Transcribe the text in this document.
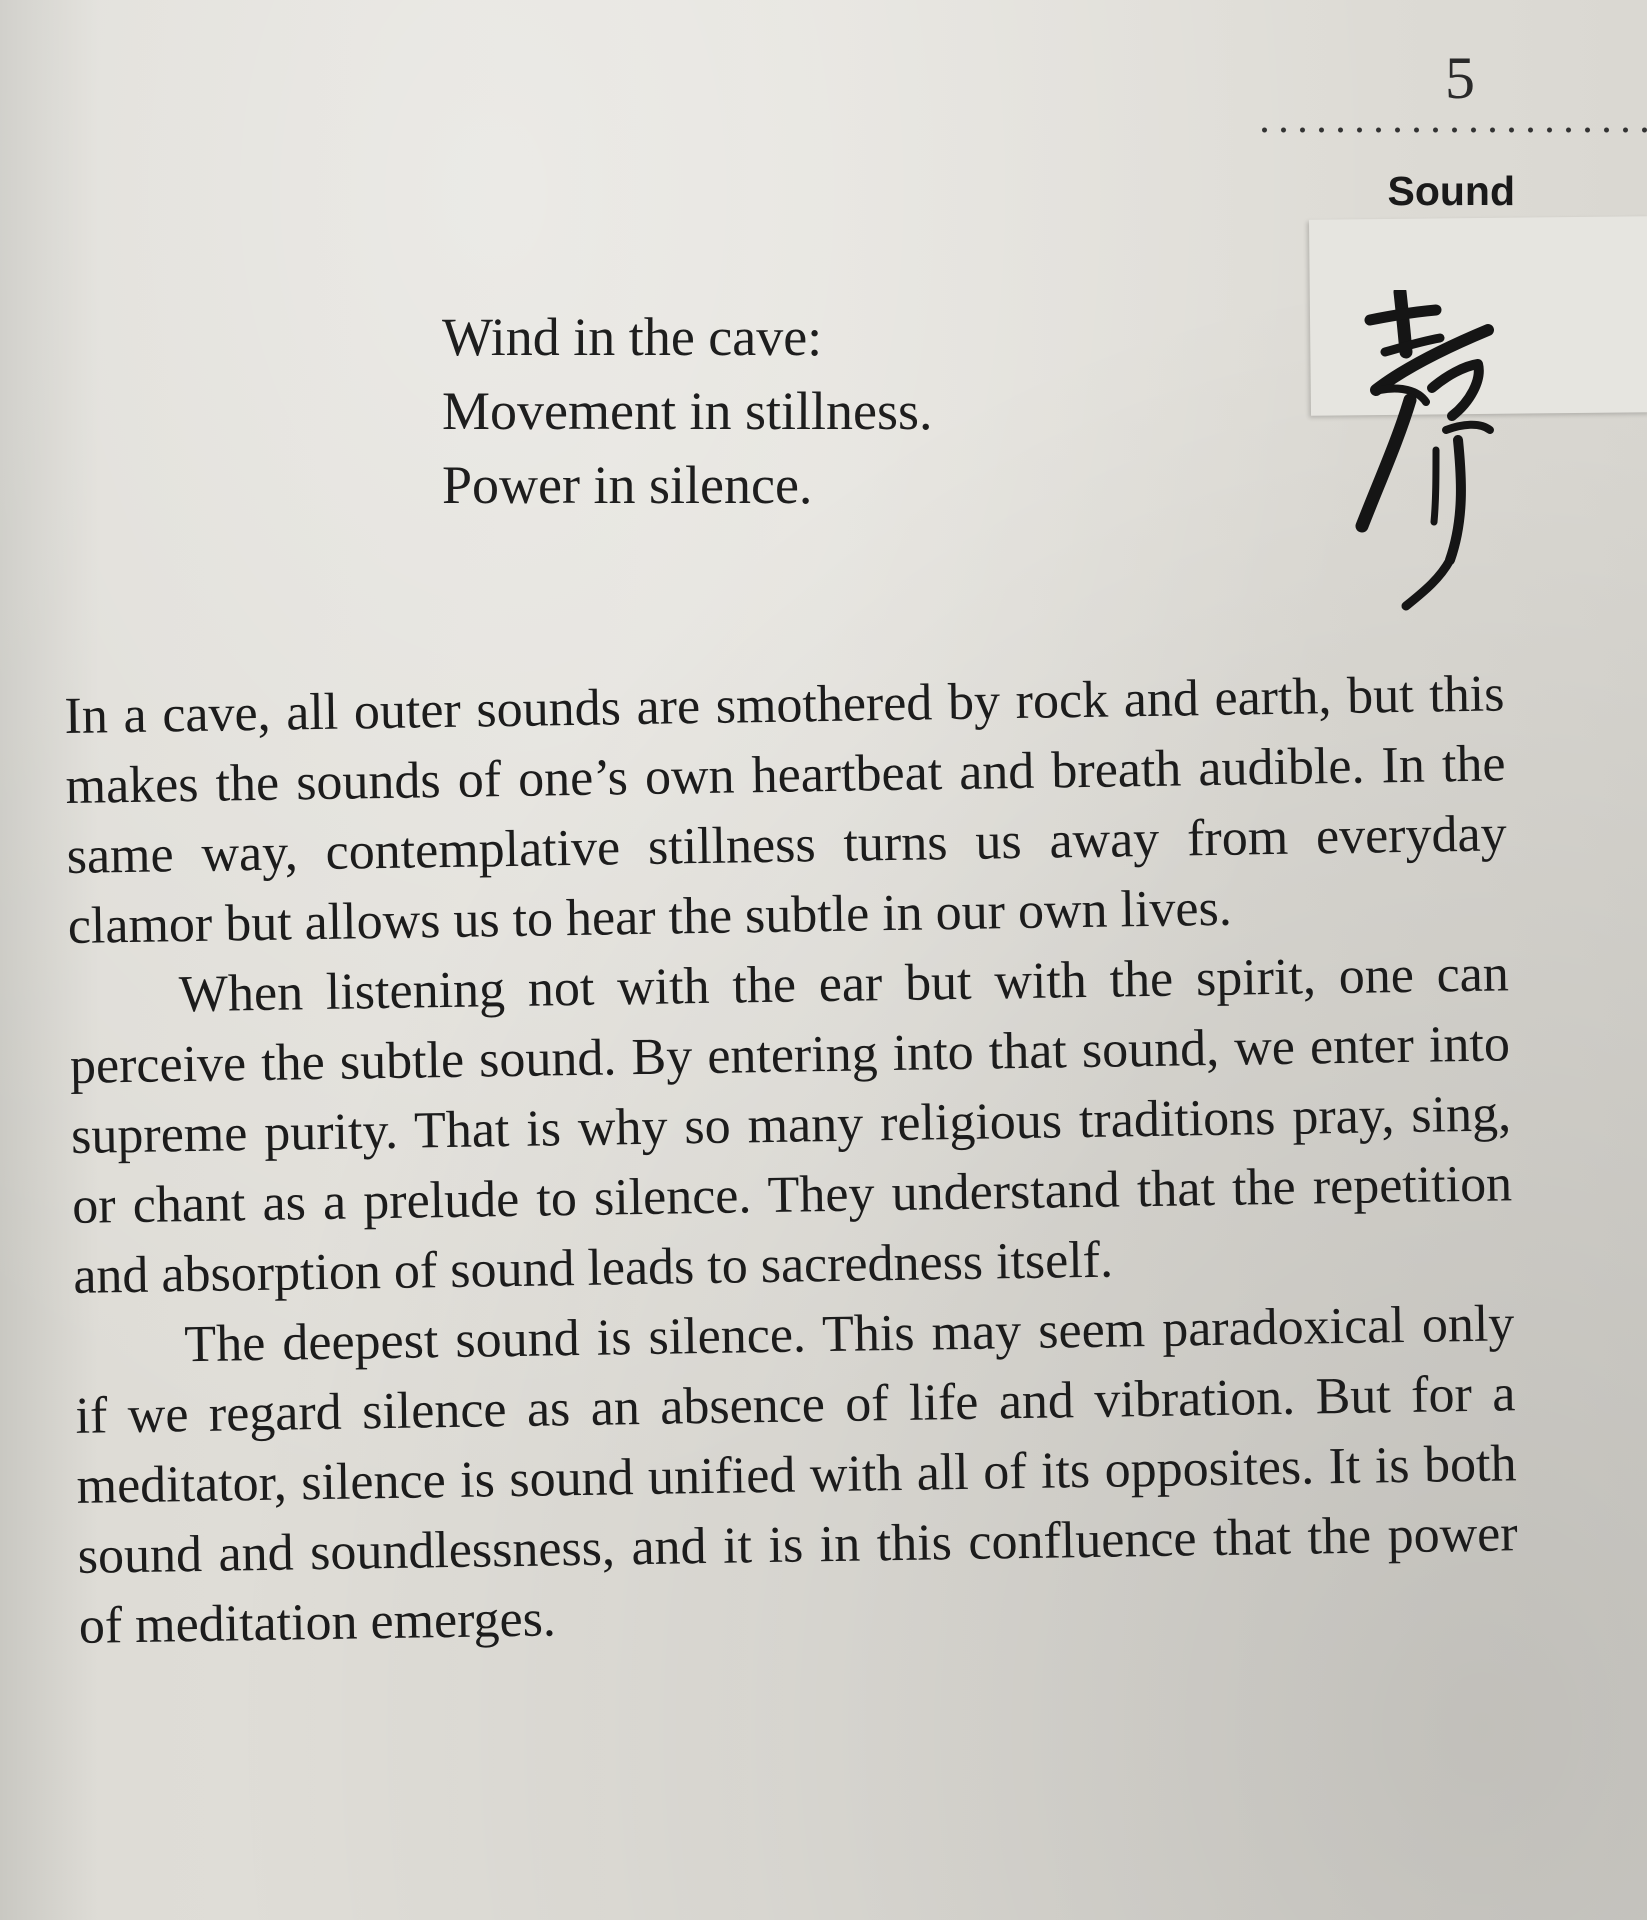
5
Sound
Wind in the cave:
Movement in stillness.
Power in silence.

In a cave, all outer sounds are smothered by rock and earth, but this makes the sounds of one’s own heartbeat and breath audible. In the same way, contemplative stillness turns us away from everyday clamor but allows us to hear the subtle in our own lives.

When listening not with the ear but with the spirit, one can perceive the subtle sound. By entering into that sound, we enter into supreme purity. That is why so many religious traditions pray, sing, or chant as a prelude to silence. They understand that the repetition and absorption of sound leads to sacredness itself.

The deepest sound is silence. This may seem paradoxical only if we regard silence as an absence of life and vibration. But for a meditator, silence is sound unified with all of its opposites. It is both sound and soundlessness, and it is in this confluence that the power of meditation emerges.
